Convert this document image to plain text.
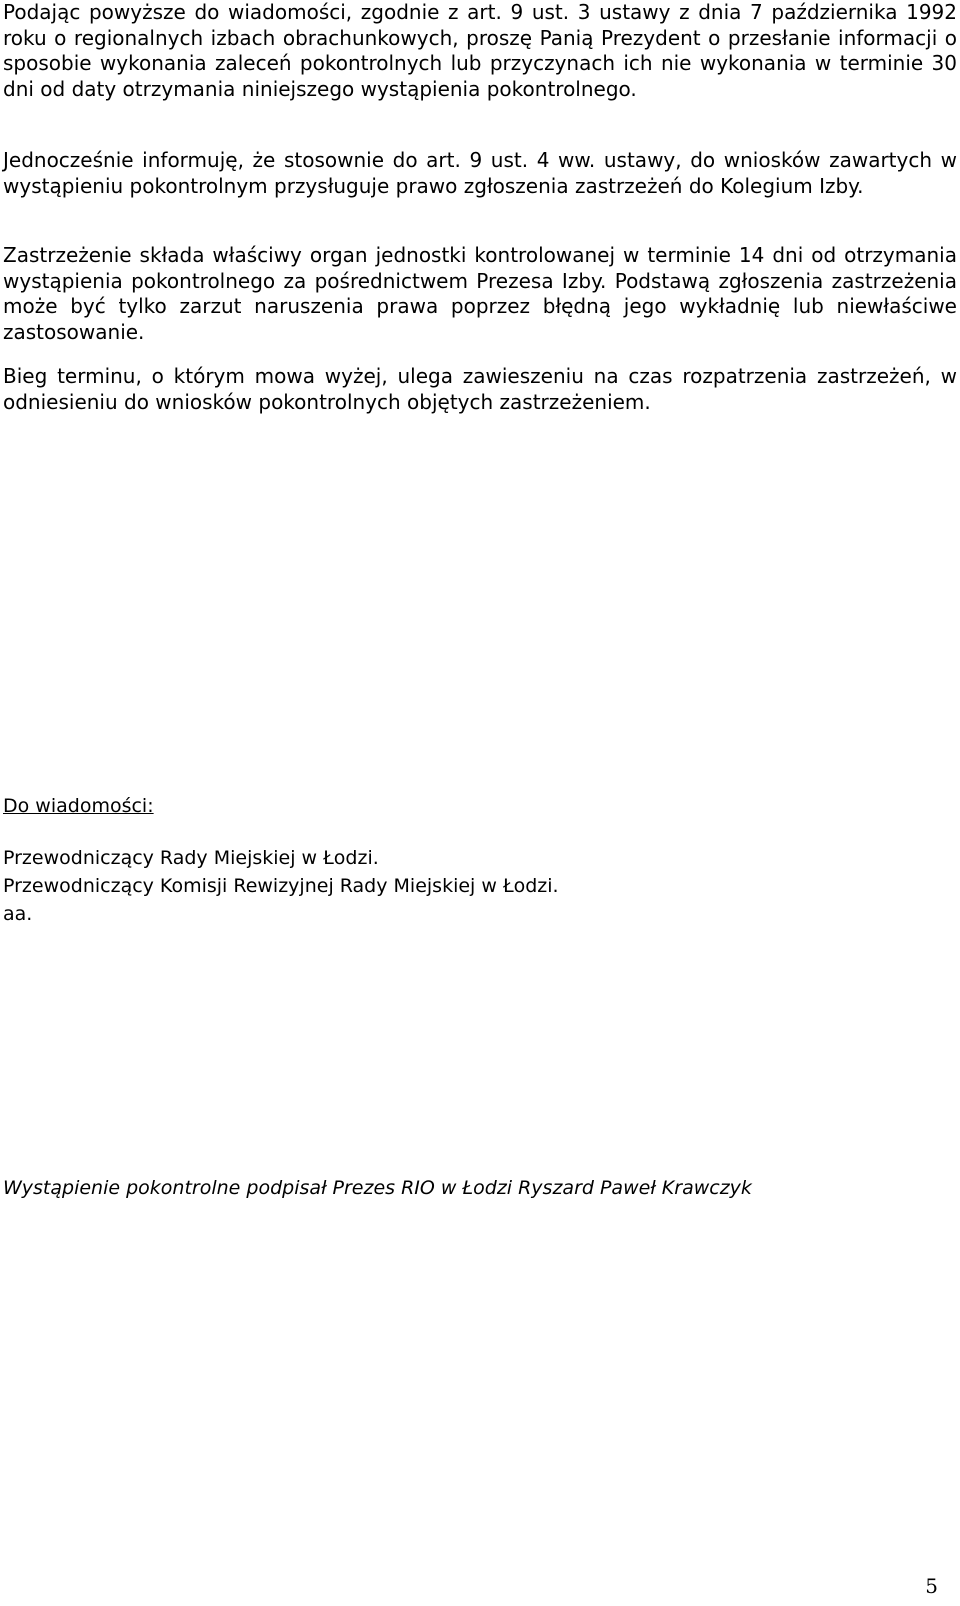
Podając powyższe do wiadomości, zgodnie z art. 9 ust. 3 ustawy z dnia 7 października 1992 roku o regionalnych izbach obrachunkowych, proszę Panią Prezydent o przesłanie informacji o sposobie wykonania zaleceń pokontrolnych lub przyczynach ich nie wykonania w terminie 30 dni od daty otrzymania niniejszego wystąpienia pokontrolnego.

Jednocześnie informuję, że stosownie do art. 9 ust. 4 ww. ustawy, do wniosków zawartych w wystąpieniu pokontrolnym przysługuje prawo zgłoszenia zastrzeżeń do Kolegium Izby.

Zastrzeżenie składa właściwy organ jednostki kontrolowanej w terminie 14 dni od otrzymania wystąpienia pokontrolnego za pośrednictwem Prezesa Izby. Podstawą zgłoszenia zastrzeżenia może być tylko zarzut naruszenia prawa poprzez błędną jego wykładnię lub niewłaściwe zastosowanie.

Bieg terminu, o którym mowa wyżej, ulega zawieszeniu na czas rozpatrzenia zastrzeżeń, w odniesieniu do wniosków pokontrolnych objętych zastrzeżeniem.

Do wiadomości:

Przewodniczący Rady Miejskiej w Łodzi.

Przewodniczący Komisji Rewizyjnej Rady Miejskiej w Łodzi.

aa.

Wystąpienie pokontrolne podpisał Prezes RIO w Łodzi Ryszard Paweł Krawczyk

5
